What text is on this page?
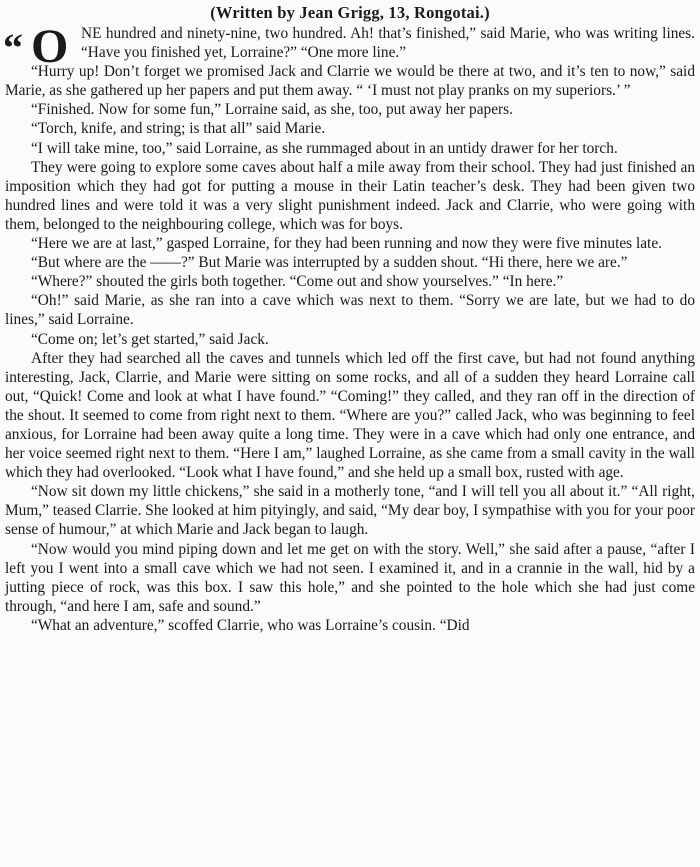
(Written by Jean Grigg, 13, Rongotai.)

“ O NE hundred and ninety-nine, two hundred. Ah! that’s finished,” said Marie, who was writing lines. “Have you finished yet, Lorraine?” “One more line.”

“Hurry up! Don’t forget we promised Jack and Clarrie we would be there at two, and it’s ten to now,” said Marie, as she gathered up her papers and put them away. “ ‘I must not play pranks on my superiors.’ ”

“Finished. Now for some fun,” Lorraine said, as she, too, put away her papers.

“Torch, knife, and string; is that all” said Marie.

“I will take mine, too,” said Lorraine, as she rummaged about in an untidy drawer for her torch.

They were going to explore some caves about half a mile away from their school. They had just finished an imposition which they had got for putting a mouse in their Latin teacher’s desk. They had been given two hundred lines and were told it was a very slight punishment indeed. Jack and Clarrie, who were going with them, belonged to the neighbouring college, which was for boys.

“Here we are at last,” gasped Lorraine, for they had been running and now they were five minutes late.

“But where are the ——?” But Marie was interrupted by a sudden shout. “Hi there, here we are.”

“Where?” shouted the girls both together. “Come out and show yourselves.” “In here.”

“Oh!” said Marie, as she ran into a cave which was next to them. “Sorry we are late, but we had to do lines,” said Lorraine.

“Come on; let’s get started,” said Jack.

After they had searched all the caves and tunnels which led off the first cave, but had not found anything interesting, Jack, Clarrie, and Marie were sitting on some rocks, and all of a sudden they heard Lorraine call out, “Quick! Come and look at what I have found.” “Coming!” they called, and they ran off in the direction of the shout. It seemed to come from right next to them. “Where are you?” called Jack, who was beginning to feel anxious, for Lorraine had been away quite a long time. They were in a cave which had only one entrance, and her voice seemed right next to them. “Here I am,” laughed Lorraine, as she came from a small cavity in the wall which they had overlooked. “Look what I have found,” and she held up a small box, rusted with age.

“Now sit down my little chickens,” she said in a motherly tone, “and I will tell you all about it.” “All right, Mum,” teased Clarrie. She looked at him pityingly, and said, “My dear boy, I sympathise with you for your poor sense of humour,” at which Marie and Jack began to laugh.

“Now would you mind piping down and let me get on with the story. Well,” she said after a pause, “after I left you I went into a small cave which we had not seen. I examined it, and in a crannie in the wall, hid by a jutting piece of rock, was this box. I saw this hole,” and she pointed to the hole which she had just come through, “and here I am, safe and sound.”

“What an adventure,” scoffed Clarrie, who was Lorraine’s cousin. “Did
